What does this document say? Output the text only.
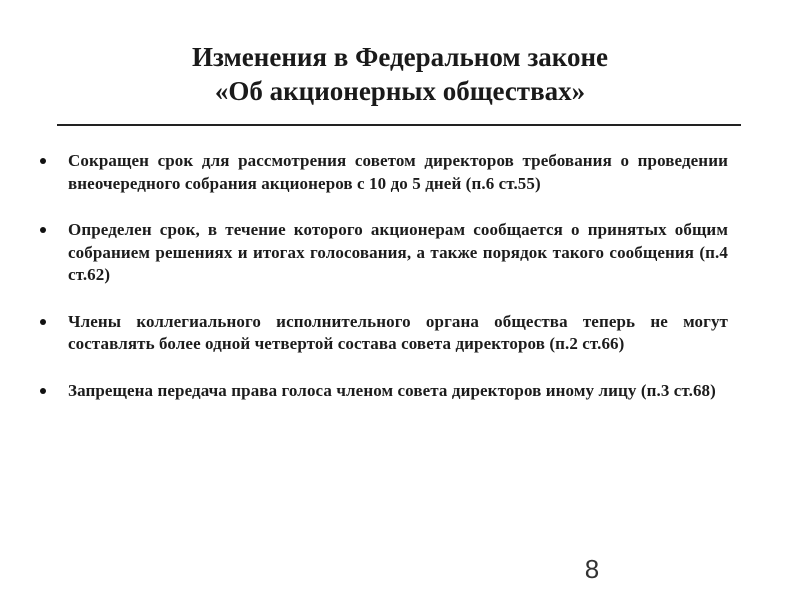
Изменения в Федеральном законе
«Об акционерных обществах»
Сокращен срок для рассмотрения советом директоров требования о проведении внеочередного собрания акционеров с 10 до 5 дней (п.6 ст.55)
Определен срок, в течение которого акционерам сообщается о принятых общим собранием решениях и итогах голосования, а также порядок такого сообщения (п.4 ст.62)
Члены коллегиального исполнительного органа общества теперь не могут составлять более одной четвертой состава совета директоров (п.2 ст.66)
Запрещена передача права голоса членом совета директоров иному лицу (п.3 ст.68)
8
